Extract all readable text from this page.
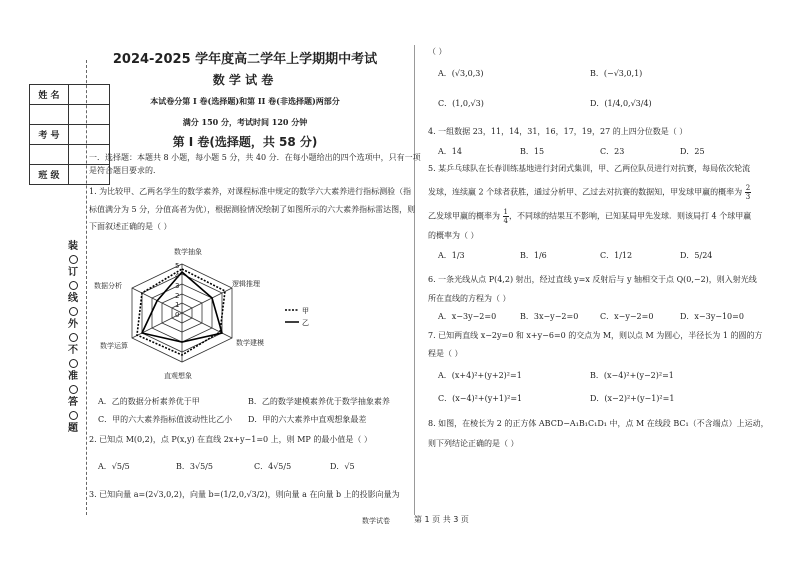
姓 名	

考 号	

班 级	
装
订
线
外
不
准
答
题
2024-2025 学年度高二学年上学期期中考试
数 学 试 卷
本试卷分第 I 卷(选择题)和第 II 卷(非选择题)两部分
满分 150 分，考试时间 120 分钟
第 I 卷(选择题，共 58 分)
一．选择题：本题共 8 小题，每小题 5 分，共 40 分．在每小题给出的四个选项中，只有一项
是符合题目要求的．
1. 为比较甲、乙两名学生的数学素养，对课程标准中规定的数学六大素养进行指标测验（指
标值满分为 5 分，分值高者为优），根据测验情况绘制了如图所示的六大素养指标雷达图，则
下面叙述正确的是（ ）
数学抽象
逻辑推理
数学建模
直观想象
数学运算
数据分析
5
4
3
2
1
0	甲
乙
A．乙的数据分析素养优于甲	B．乙的数学建模素养优于数学抽象素养
C．甲的六大素养指标值波动性比乙小 D．甲的六大素养中直观想象最差
2. 已知点 M(0,2)，点 P(x,y) 在直线 2x+y−1=0 上，则 MP 的最小值是（ ）
A．√5/5	B．3√5/5	C．4√5/5	D．√5
3. 已知向量 a=(2√3,0,2)，向量 b=(1/2,0,√3/2)，则向量 a 在向量 b 上的投影向量为
（ ）
A．(√3,0,3)	B．(−√3,0,1)
C．(1,0,√3)	D．(1/4,0,√3/4)
4. 一组数据 23，11，14，31，16，17，19，27 的上四分位数是（ ）
A．14	B．15	C．23	D．25
5. 某乒乓球队在长春训练基地进行封闭式集训，甲、乙两位队员进行对抗赛，每局依次轮流
发球，连续赢 2 个球者获胜，通过分析甲、乙过去对抗赛的数据知，甲发球甲赢的概率为 $\frac{2}{3}$
乙发球甲赢的概率为 $\frac{1}{4}$ ，不同球的结果互不影响，已知某局甲先发球．则该局打 4 个球甲赢
的概率为（ ）
A．1/3	B．1/6	C．1/12	D．5/24
6. 一条光线从点 P(4,2) 射出，经过直线 y=x 反射后与 y 轴相交于点 Q(0,−2)，则入射光线
所在直线的方程为（ ）
A．x−3y−2=0	B．3x−y−2=0	C．x−y−2=0	D．x−3y−10=0
7. 已知两直线 x−2y=0 和 x+y−6=0 的交点为 M，则以点 M 为圆心，半径长为 1 的圆的方
程是（ ）
A．(x+4)²+(y+2)²=1	B．(x−4)²+(y−2)²=1
C．(x−4)²+(y+1)²=1	D．(x−2)²+(y−1)²=1
8. 如图，在棱长为 2 的正方体 ABCD−A₁B₁C₁D₁ 中，点 M 在线段 BC₁（不含端点）上运动，
则下列结论正确的是（ ）
数学试卷	第 1 页 共 3 页
